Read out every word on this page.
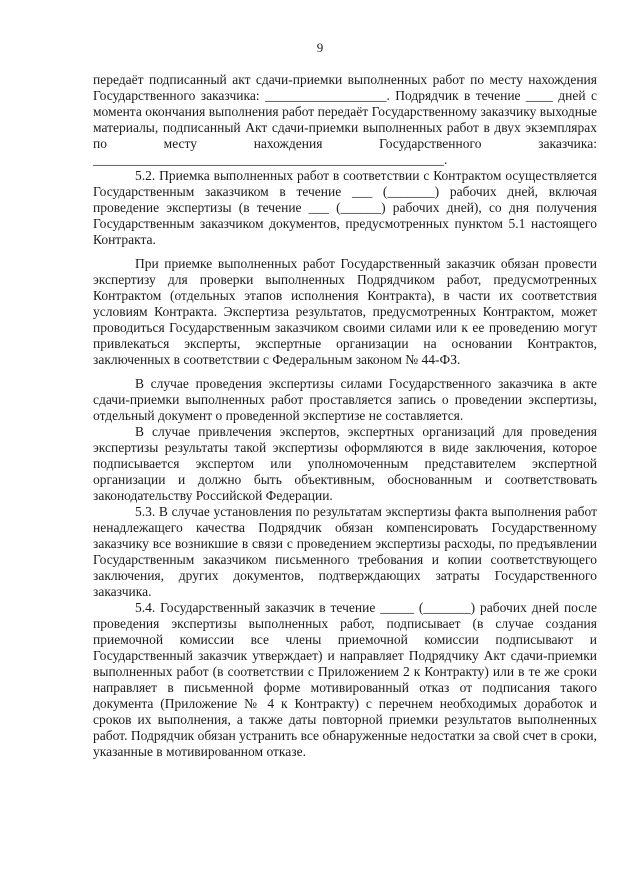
9

передаёт подписанный акт сдачи-приемки выполненных работ по месту нахождения Государственного заказчика: __________________. Подрядчик в течение ____ дней с момента окончания выполнения работ передаёт Государственному заказчику выходные материалы, подписанный Акт сдачи-приемки выполненных работ в двух экземплярах по месту нахождения Государственного заказчика: ____________________________________________________.

5.2. Приемка выполненных работ в соответствии с Контрактом осуществляется Государственным заказчиком в течение ___ (_______) рабочих дней, включая проведение экспертизы (в течение ___ (______) рабочих дней), со дня получения Государственным заказчиком документов, предусмотренных пунктом 5.1 настоящего Контракта.

При приемке выполненных работ Государственный заказчик обязан провести экспертизу для проверки выполненных Подрядчиком работ, предусмотренных Контрактом (отдельных этапов исполнения Контракта), в части их соответствия условиям Контракта. Экспертиза результатов, предусмотренных Контрактом, может проводиться Государственным заказчиком своими силами или к ее проведению могут привлекаться эксперты, экспертные организации на основании Контрактов, заключенных в соответствии с Федеральным законом № 44-ФЗ.

В случае проведения экспертизы силами Государственного заказчика в акте сдачи-приемки выполненных работ проставляется запись о проведении экспертизы, отдельный документ о проведенной экспертизе не составляется.

В случае привлечения экспертов, экспертных организаций для проведения экспертизы результаты такой экспертизы оформляются в виде заключения, которое подписывается экспертом или уполномоченным представителем экспертной организации и должно быть объективным, обоснованным и соответствовать законодательству Российской Федерации.

5.3. В случае установления по результатам экспертизы факта выполнения работ ненадлежащего качества Подрядчик обязан компенсировать Государственному заказчику все возникшие в связи с проведением экспертизы расходы, по предъявлении Государственным заказчиком письменного требования и копии соответствующего заключения, других документов, подтверждающих затраты Государственного заказчика.

5.4. Государственный заказчик в течение _____ (_______) рабочих дней после проведения экспертизы выполненных работ, подписывает (в случае создания приемочной комиссии все члены приемочной комиссии подписывают и Государственный заказчик утверждает) и направляет Подрядчику Акт сдачи-приемки выполненных работ (в соответствии с Приложением 2 к Контракту) или в те же сроки направляет в письменной форме мотивированный отказ от подписания такого документа (Приложение № 4 к Контракту) с перечнем необходимых доработок и сроков их выполнения, а также даты повторной приемки результатов выполненных работ. Подрядчик обязан устранить все обнаруженные недостатки за свой счет в сроки, указанные в мотивированном отказе.
